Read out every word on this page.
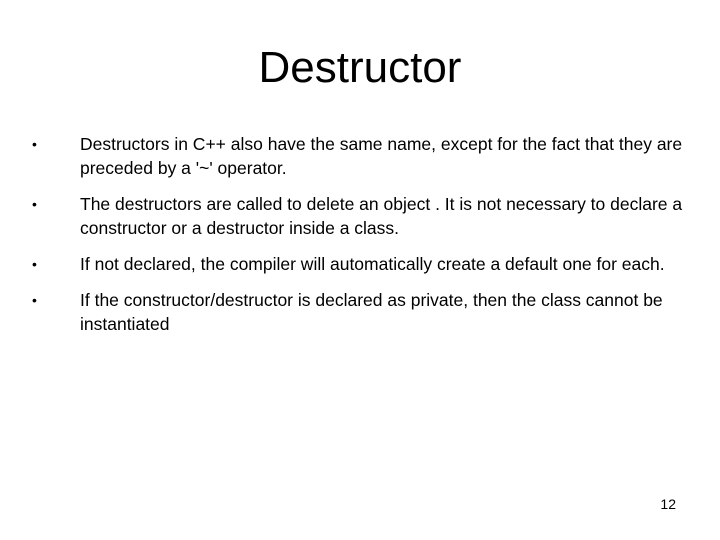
Destructor
•	Destructors in C++ also have the same name, except for the fact that they are preceded by a '~' operator.
•	The destructors are called to delete an object . It is not necessary to declare a constructor or a destructor inside a class.
•	If not declared, the compiler will automatically create a default one for each.
•	If the constructor/destructor is declared as private, then the class cannot be instantiated
12
